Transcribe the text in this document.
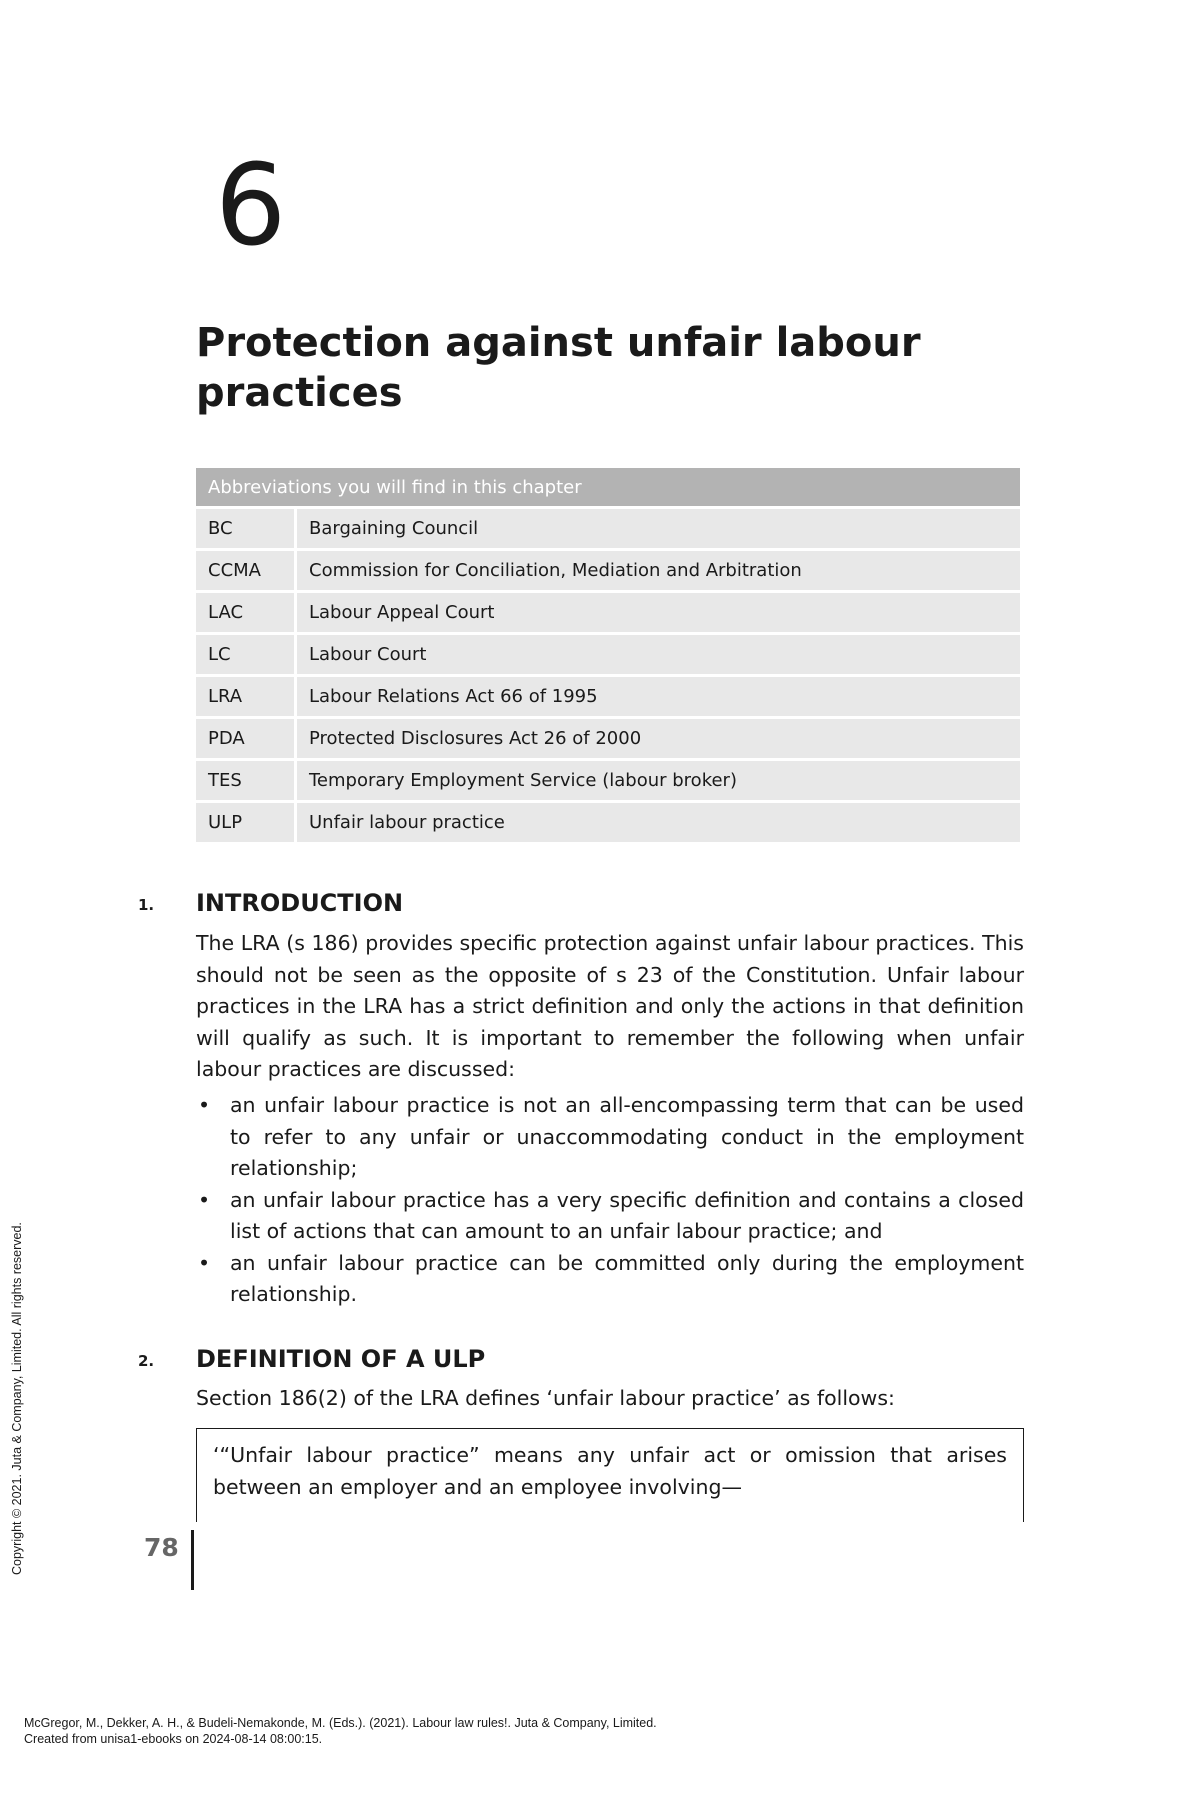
6
Protection against unfair labour practices
Abbreviations you will find in this chapter	
BC	Bargaining Council
CCMA	Commission for Conciliation, Mediation and Arbitration
LAC	Labour Appeal Court
LC	Labour Court
LRA	Labour Relations Act 66 of 1995
PDA	Protected Disclosures Act 26 of 2000
TES	Temporary Employment Service (labour broker)
ULP	Unfair labour practice
1. INTRODUCTION

The LRA (s 186) provides specific protection against unfair labour practices. This should not be seen as the opposite of s 23 of the Constitution. Unfair labour practices in the LRA has a strict definition and only the actions in that definition will qualify as such. It is important to remember the following when unfair labour practices are discussed:

• an unfair labour practice is not an all-encompassing term that can be used to refer to any unfair or unaccommodating conduct in the employment relationship;
• an unfair labour practice has a very specific definition and contains a closed list of actions that can amount to an unfair labour practice; and
• an unfair labour practice can be committed only during the employment relationship.
2. DEFINITION OF A ULP

Section 186(2) of the LRA defines ‘unfair labour practice’ as follows:

‘“Unfair labour practice” means any unfair act or omission that arises between an employer and an employee involving—
78
Copyright © 2021. Juta & Company, Limited. All rights reserved.
McGregor, M., Dekker, A. H., & Budeli-Nemakonde, M. (Eds.). (2021). Labour law rules!. Juta & Company, Limited.
Created from unisa1-ebooks on 2024-08-14 08:00:15.
